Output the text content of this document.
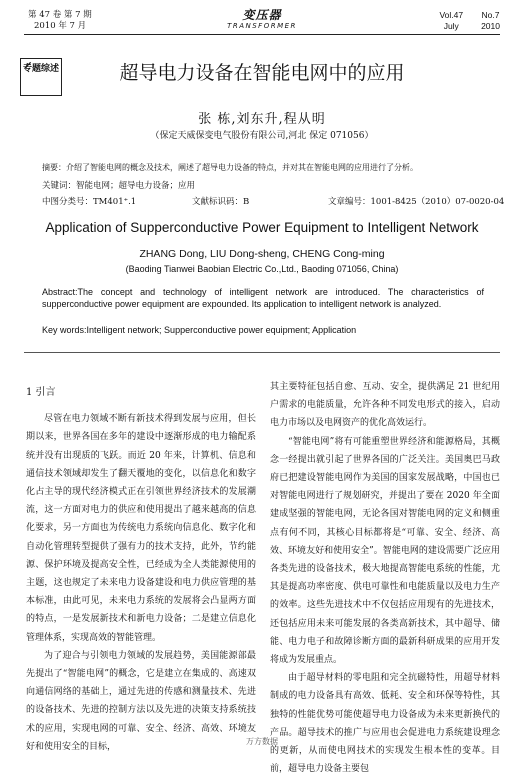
第 47 卷 第 7 期
2010 年 7 月
变压器
TRANSFORMER
Vol.47
July
No.7
2010
专题综述	超导电力设备在智能电网中的应用
张 栋,刘东升,程从明
（保定天威保变电气股份有限公司,河北 保定 071056）
摘要：介绍了智能电网的概念及技术，阐述了超导电力设备的特点，并对其在智能电网的应用进行了分析。
关键词：智能电网；超导电力设备；应用
中图分类号：TM401⁺.1	文献标识码：B	文章编号：1001-8425（2010）07-0020-04
Application of Supperconductive Power Equipment to Intelligent Network
ZHANG Dong, LIU Dong-sheng, CHENG Cong-ming
(Baoding Tianwei Baobian Electric Co.,Ltd., Baoding 071056, China)
Abstract:The concept and technology of intelligent network are introduced. The characteristics of supperconductive power equipment are expounded. Its application to intelligent network is analyzed.
Key words:Intelligent network; Supperconductive power equipment; Application

1 引言

尽管在电力领域不断有新技术得到发展与应用，但长期以来，世界各国在多年的建设中逐渐形成的电力输配系统并没有出现质的飞跃。而近 20 年来，计算机、信息和通信技术领域却发生了翻天覆地的变化，以信息化和数字化占主导的现代经济模式正在引领世界经济技术的发展潮流，这一方面对电力的供应和使用提出了越来越高的信息化要求，另一方面也为传统电力系统向信息化、数字化和自动化管理转型提供了强有力的技术支持，此外，节约能源、保护环境及提高安全性，已经成为全人类能源使用的主题，这也规定了未来电力设备建设和电力供应管理的基本标准，由此可见，未来电力系统的发展将会凸显两方面的特点，一是发展新技术和新电力设备；二是建立信息化管理体系，实现高效的智能管理。

为了迎合与引领电力领域的发展趋势，美国能源部最先提出了“智能电网”的概念，它是建立在集成的、高速双向通信网络的基础上，通过先进的传感和测量技术、先进的设备技术、先进的控制方法以及先进的决策支持系统技术的应用，实现电网的可靠、安全、经济、高效、环境友好和使用安全的目标，

其主要特征包括自愈、互动、安全，提供满足 21 世纪用户需求的电能质量，允许各种不同发电形式的接入，启动电力市场以及电网资产的优化高效运行。

“智能电网”将有可能重塑世界经济和能源格局，其概念一经提出就引起了世界各国的广泛关注。美国奥巴马政府已把建设智能电网作为美国的国家发展战略，中国也已对智能电网进行了规划研究，并提出了要在 2020 年全面建成坚强的智能电网，无论各国对智能电网的定义和侧重点有何不同，其核心目标都将是“可靠、安全、经济、高效、环境友好和使用安全”。智能电网的建设需要广泛应用各类先进的设备技术，极大地提高智能电系统的性能，尤其是提高功率密度、供电可靠性和电能质量以及电力生产的效率。这些先进技术中不仅包括应用现有的先进技术，还包括应用未来可能发展的各类高新技术，其中超导、储能、电力电子和故障诊断方面的最新科研成果的应用开发将成为发展重点。

由于超导材料的零电阻和完全抗磁特性，用超导材料制成的电力设备具有高效、低耗、安全和环保等特性，其独特的性能优势可能使超导电力设备成为未来更新换代的产品。超导技术的推广与应用也会促进电力系统建设理念的更新，从而使电网技术的实现发生根本性的变革。目前，超导电力设备主要包

万方数据
